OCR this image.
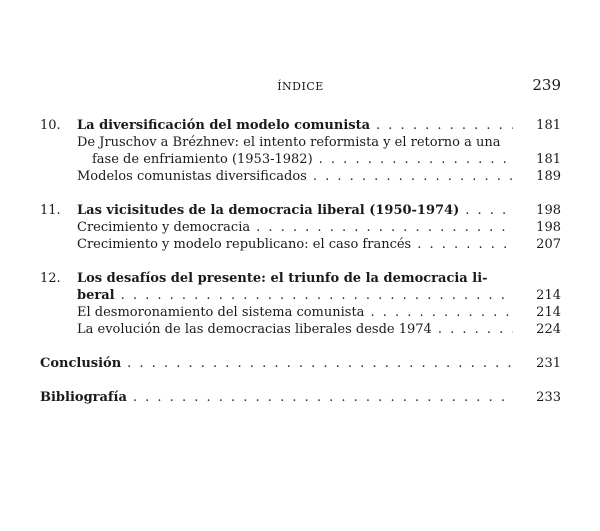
ÍNDICE	239
10.	La diversificación del modelo comunista . . .	181
De Jruschov a Brézhnev: el intento reformista y el retorno a una
fase de enfriamiento (1953-1982) . . .	181
Modelos comunistas diversificados . . .	189
11.	Las vicisitudes de la democracia liberal (1950-1974) . . .	198
Crecimiento y democracia . . .	198
Crecimiento y modelo republicano: el caso francés . . .	207
12.	Los desafíos del presente: el triunfo de la democracia li-
beral . . .	214
El desmoronamiento del sistema comunista . . .	214
La evolución de las democracias liberales desde 1974 . . .	224
Conclusión . . .	231
Bibliografía . . .	233
